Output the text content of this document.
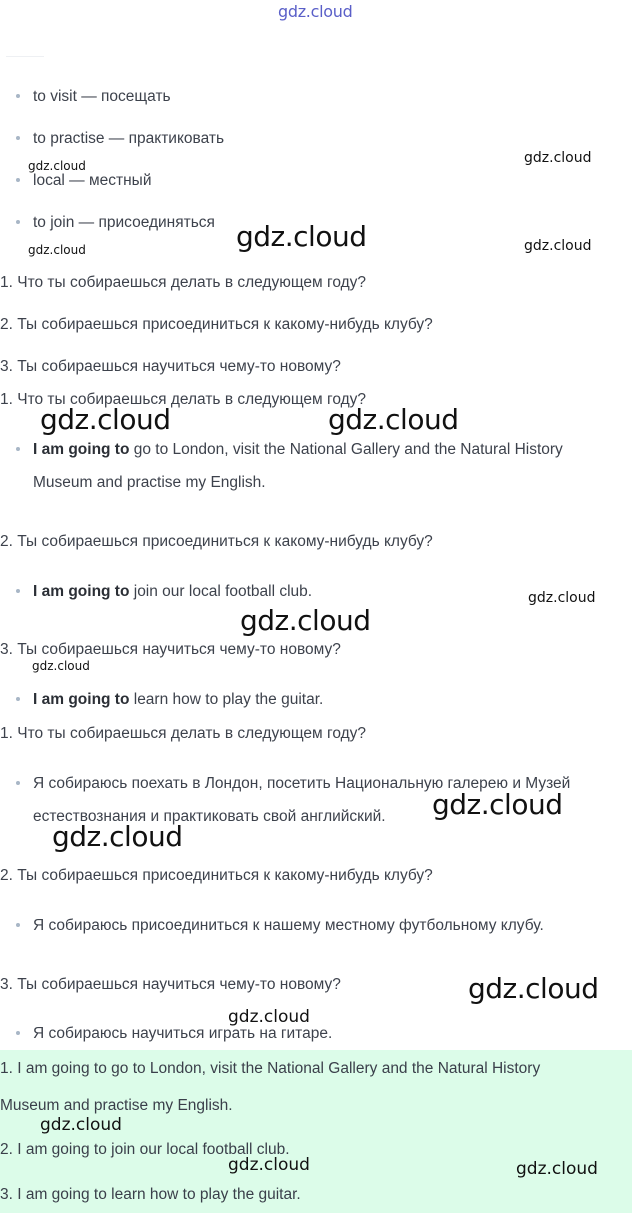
to visit — посещать
to practise — практиковать
local — местный
to join — присоединяться
1. Что ты собираешься делать в следующем году?
2. Ты собираешься присоединиться к какому-нибудь клубу?
3. Ты собираешься научиться чему-то новому?
1. Что ты собираешься делать в следующем году?
I am going to go to London, visit the National Gallery and the Natural History
Museum and practise my English.
2. Ты собираешься присоединиться к какому-нибудь клубу?
I am going to join our local football club.
3. Ты собираешься научиться чему-то новому?
I am going to learn how to play the guitar.
1. Что ты собираешься делать в следующем году?
Я собираюсь поехать в Лондон, посетить Национальную галерею и Музей
естествознания и практиковать свой английский.
2. Ты собираешься присоединиться к какому-нибудь клубу?
Я собираюсь присоединиться к нашему местному футбольному клубу.
3. Ты собираешься научиться чему-то новому?
Я собираюсь научиться играть на гитаре.
1. I am going to go to London, visit the National Gallery and the Natural History
Museum and practise my English.
2. I am going to join our local football club.
3. I am going to learn how to play the guitar.
gdz.cloud
gdz.cloud
gdz.cloud
gdz.cloud
gdz.cloud
gdz.cloud
gdz.cloud
gdz.cloud
gdz.cloud	gdz.cloud
gdz.cloud
gdz.cloud
gdz.cloud
gdz.cloud
gdz.cloud
gdz.cloud
gdz.cloud	gdz.cloud
